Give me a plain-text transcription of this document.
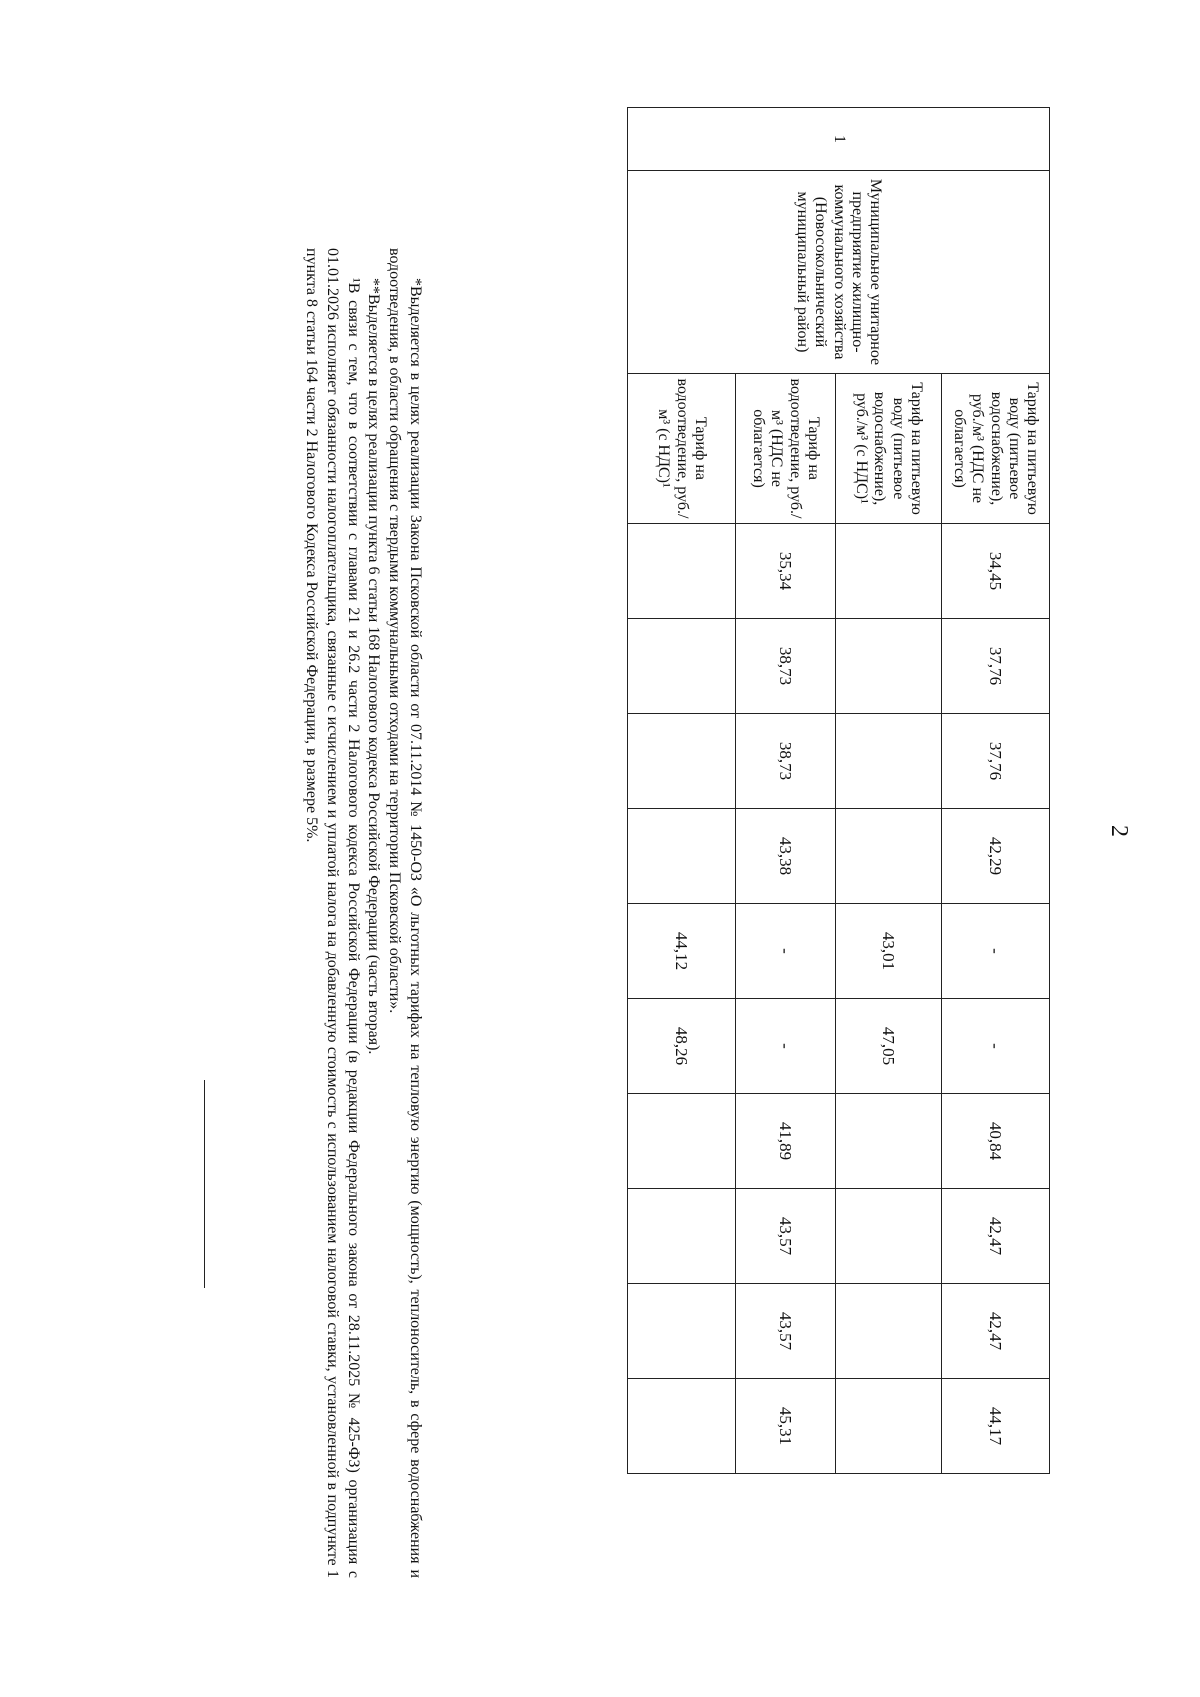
2
1	Муниципальное унитарное предприятие жилищно-коммунального хозяйства (Новосокольнический муниципальный район)	Тариф на питьевую воду (питьевое водоснабжение), руб./м³ (НДС не облагается)	34,45	37,76	37,76	42,29	-	-	40,84	42,47	42,47	44,17
		Тариф на питьевую воду (питьевое водоснабжение), руб./м³ (с НДС)¹					43,01	47,05				
		Тариф на водоотведение, руб./м³ (НДС не облагается)	35,34	38,73	38,73	43,38	-	-	41,89	43,57	43,57	45,31
		Тариф на водоотведение, руб./м³ (с НДС)¹					44,12	48,26				

*Выделяется в целях реализации Закона Псковской области от 07.11.2014 № 1450-ОЗ «О льготных тарифах на тепловую энергию (мощность), теплоноситель, в сфере водоснабжения и водоотведения, в области обращения с твердыми коммунальными отходами на территории Псковской области».

**Выделяется в целях реализации пункта 6 статьи 168 Налогового кодекса Российской Федерации (часть вторая).

¹В связи с тем, что в соответствии с главами 21 и 26.2 части 2 Налогового кодекса Российской Федерации (в редакции Федерального закона от 28.11.2025 № 425-ФЗ) организация с 01.01.2026 исполняет обязанности налогоплательщика, связанные с исчислением и уплатой налога на добавленную стоимость с использованием налоговой ставки, установленной в подпункте 1 пункта 8 статьи 164 части 2 Налогового Кодекса Российской Федерации, в размере 5%.
